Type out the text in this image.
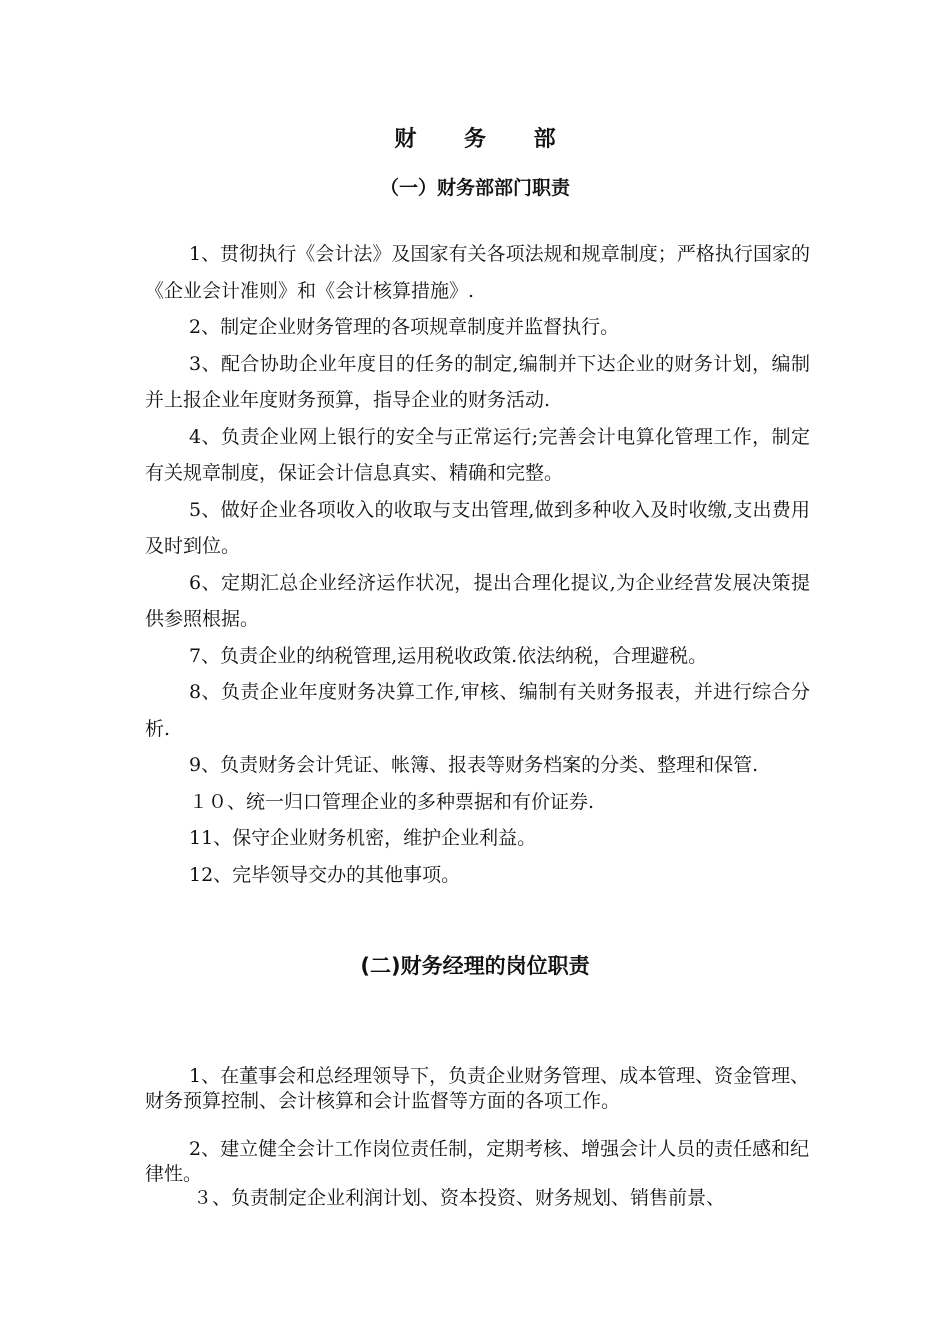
财 务 部
（一）财务部部门职责

1、贯彻执行《会计法》及国家有关各项法规和规章制度；严格执行国家的《企业会计准则》和《会计核算措施》.

2、制定企业财务管理的各项规章制度并监督执行。

3、配合协助企业年度目的任务的制定,编制并下达企业的财务计划，编制并上报企业年度财务预算，指导企业的财务活动.

4、负责企业网上银行的安全与正常运行;完善会计电算化管理工作，制定有关规章制度，保证会计信息真实、精确和完整。

5、做好企业各项收入的收取与支出管理,做到多种收入及时收缴,支出费用及时到位。

6、定期汇总企业经济运作状况，提出合理化提议,为企业经营发展决策提供参照根据。

7、负责企业的纳税管理,运用税收政策.依法纳税，合理避税。

8、负责企业年度财务决算工作,审核、编制有关财务报表，并进行综合分析.

9、负责财务会计凭证、帐簿、报表等财务档案的分类、整理和保管.

１０、统一归口管理企业的多种票据和有价证券.

11、保守企业财务机密，维护企业利益。

12、完毕领导交办的其他事项。

(二)财务经理的岗位职责

1、在董事会和总经理领导下，负责企业财务管理、成本管理、资金管理、财务预算控制、会计核算和会计监督等方面的各项工作。

2、建立健全会计工作岗位责任制，定期考核、增强会计人员的责任感和纪律性。

３、负责制定企业利润计划、资本投资、财务规划、销售前景、
